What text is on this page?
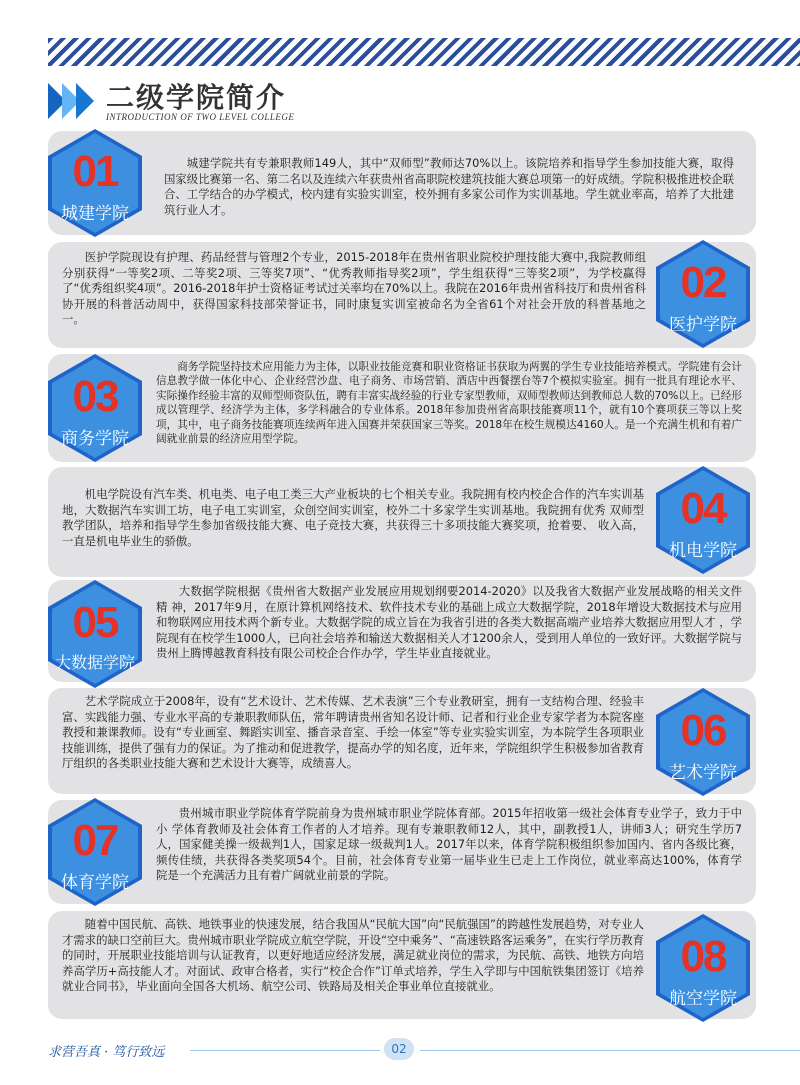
二级学院简介
INTRODUCTION OF TWO LEVEL COLLEGE
城建学院共有专兼职教师149人，其中“双师型”教师达70%以上。该院培养和指导学生参加技能大赛，取得国家级比赛第一名、第二名以及连续六年获贵州省高职院校建筑技能大赛总项第一的好成绩。学院积极推进校企联合、工学结合的办学模式，校内建有实验实训室，校外拥有多家公司作为实训基地。学生就业率高，培养了大批建筑行业人才。
01
城建学院
医护学院现设有护理、药品经营与管理2个专业，2015-2018年在贵州省职业院校护理技能大赛中,我院教师组分别获得“一等奖2项、二等奖2项、三等奖7项”、“优秀教师指导奖2项”，学生组获得“三等奖2项”，为学校赢得了“优秀组织奖4项”。2016-2018年护士资格证考试过关率均在70%以上。我院在2016年贵州省科技厅和贵州省科协开展的科普活动周中，获得国家科技部荣誉证书，同时康复实训室被命名为全省61个对社会开放的科普基地之一。
02
医护学院
商务学院坚持技术应用能力为主体，以职业技能竞赛和职业资格证书获取为两翼的学生专业技能培养模式。学院建有会计信息教学做一体化中心、企业经营沙盘、电子商务、市场营销、酒店中西餐摆台等7个模拟实验室。拥有一批具有理论水平、实际操作经验丰富的双师型师资队伍，聘有丰富实战经验的行业专家型教师，双师型教师达到教师总人数的70%以上。已经形成以管理学、经济学为主体，多学科融合的专业体系。2018年参加贵州省高职技能赛项11个，就有10个赛项获三等以上奖项，其中，电子商务技能赛项连续两年进入国赛并荣获国家三等奖。2018年在校生规模达4160人。是一个充满生机和有着广阔就业前景的经济应用型学院。
03
商务学院
机电学院设有汽车类、机电类、电子电工类三大产业板块的七个相关专业。我院拥有校内校企合作的汽车实训基地，大数据汽车实训工坊，电子电工实训室，众创空间实训室，校外二十多家学生实训基地。我院拥有优秀 双师型教学团队，培养和指导学生参加省级技能大赛、电子竞技大赛，共获得三十多项技能大赛奖项，抢着要、 收入高，一直是机电毕业生的骄傲。
04
机电学院
大数据学院根据《贵州省大数据产业发展应用规划纲要2014-2020》以及我省大数据产业发展战略的相关文件精 神，2017年9月，在原计算机网络技术、软件技术专业的基础上成立大数据学院，2018年增设大数据技术与应用 和物联网应用技术两个新专业。大数据学院的成立旨在为我省引进的各类大数据高端产业培养大数据应用型人才 ，学院现有在校学生1000人，已向社会培养和输送大数据相关人才1200余人，受到用人单位的一致好评。大数据学院与贵州上腾博越教育科技有限公司校企合作办学，学生毕业直接就业。
05
大数据学院
艺术学院成立于2008年，设有“艺术设计、艺术传媒、艺术表演”三个专业教研室，拥有一支结构合理、经验丰富、实践能力强、专业水平高的专兼职教师队伍，常年聘请贵州省知名设计师、记者和行业企业专家学者为本院客座教授和兼课教师。设有“专业画室、舞蹈实训室、播音录音室、手绘一体室”等专业实验实训室，为本院学生各项职业技能训练，提供了强有力的保证。为了推动和促进教学，提高办学的知名度，近年来，学院组织学生积极参加省教育厅组织的各类职业技能大赛和艺术设计大赛等，成绩喜人。
06
艺术学院
贵州城市职业学院体育学院前身为贵州城市职业学院体育部。2015年招收第一级社会体育专业学子，致力于中小 学体育教师及社会体育工作者的人才培养。现有专兼职教师12人，其中，副教授1人，讲师3人；研究生学历7人，国家健美操一级裁判1人，国家足球一级裁判1人。2017年以来，体育学院积极组织参加国内、省内各级比赛，频传佳绩，共获得各类奖项54个。目前，社会体育专业第一届毕业生已走上工作岗位，就业率高达100%，体育学 院是一个充满活力且有着广阔就业前景的学院。
07
体育学院
随着中国民航、高铁、地铁事业的快速发展，结合我国从“民航大国”向“民航强国”的跨越性发展趋势，对专业人才需求的缺口空前巨大。贵州城市职业学院成立航空学院，开设“空中乘务”、“高速铁路客运乘务”，在实行学历教育的同时，开展职业技能培训与认证教育，以更好地适应经济发展，满足就业岗位的需求，为民航、高铁、地铁方向培养高学历+高技能人才。对面试、政审合格者，实行“校企合作”订单式培养，学生入学即与中国航铁集团签订《培养就业合同书》，毕业面向全国各大机场、航空公司、铁路局及相关企事业单位直接就业。
08
航空学院
求营吾真 · 笃行致远	02
